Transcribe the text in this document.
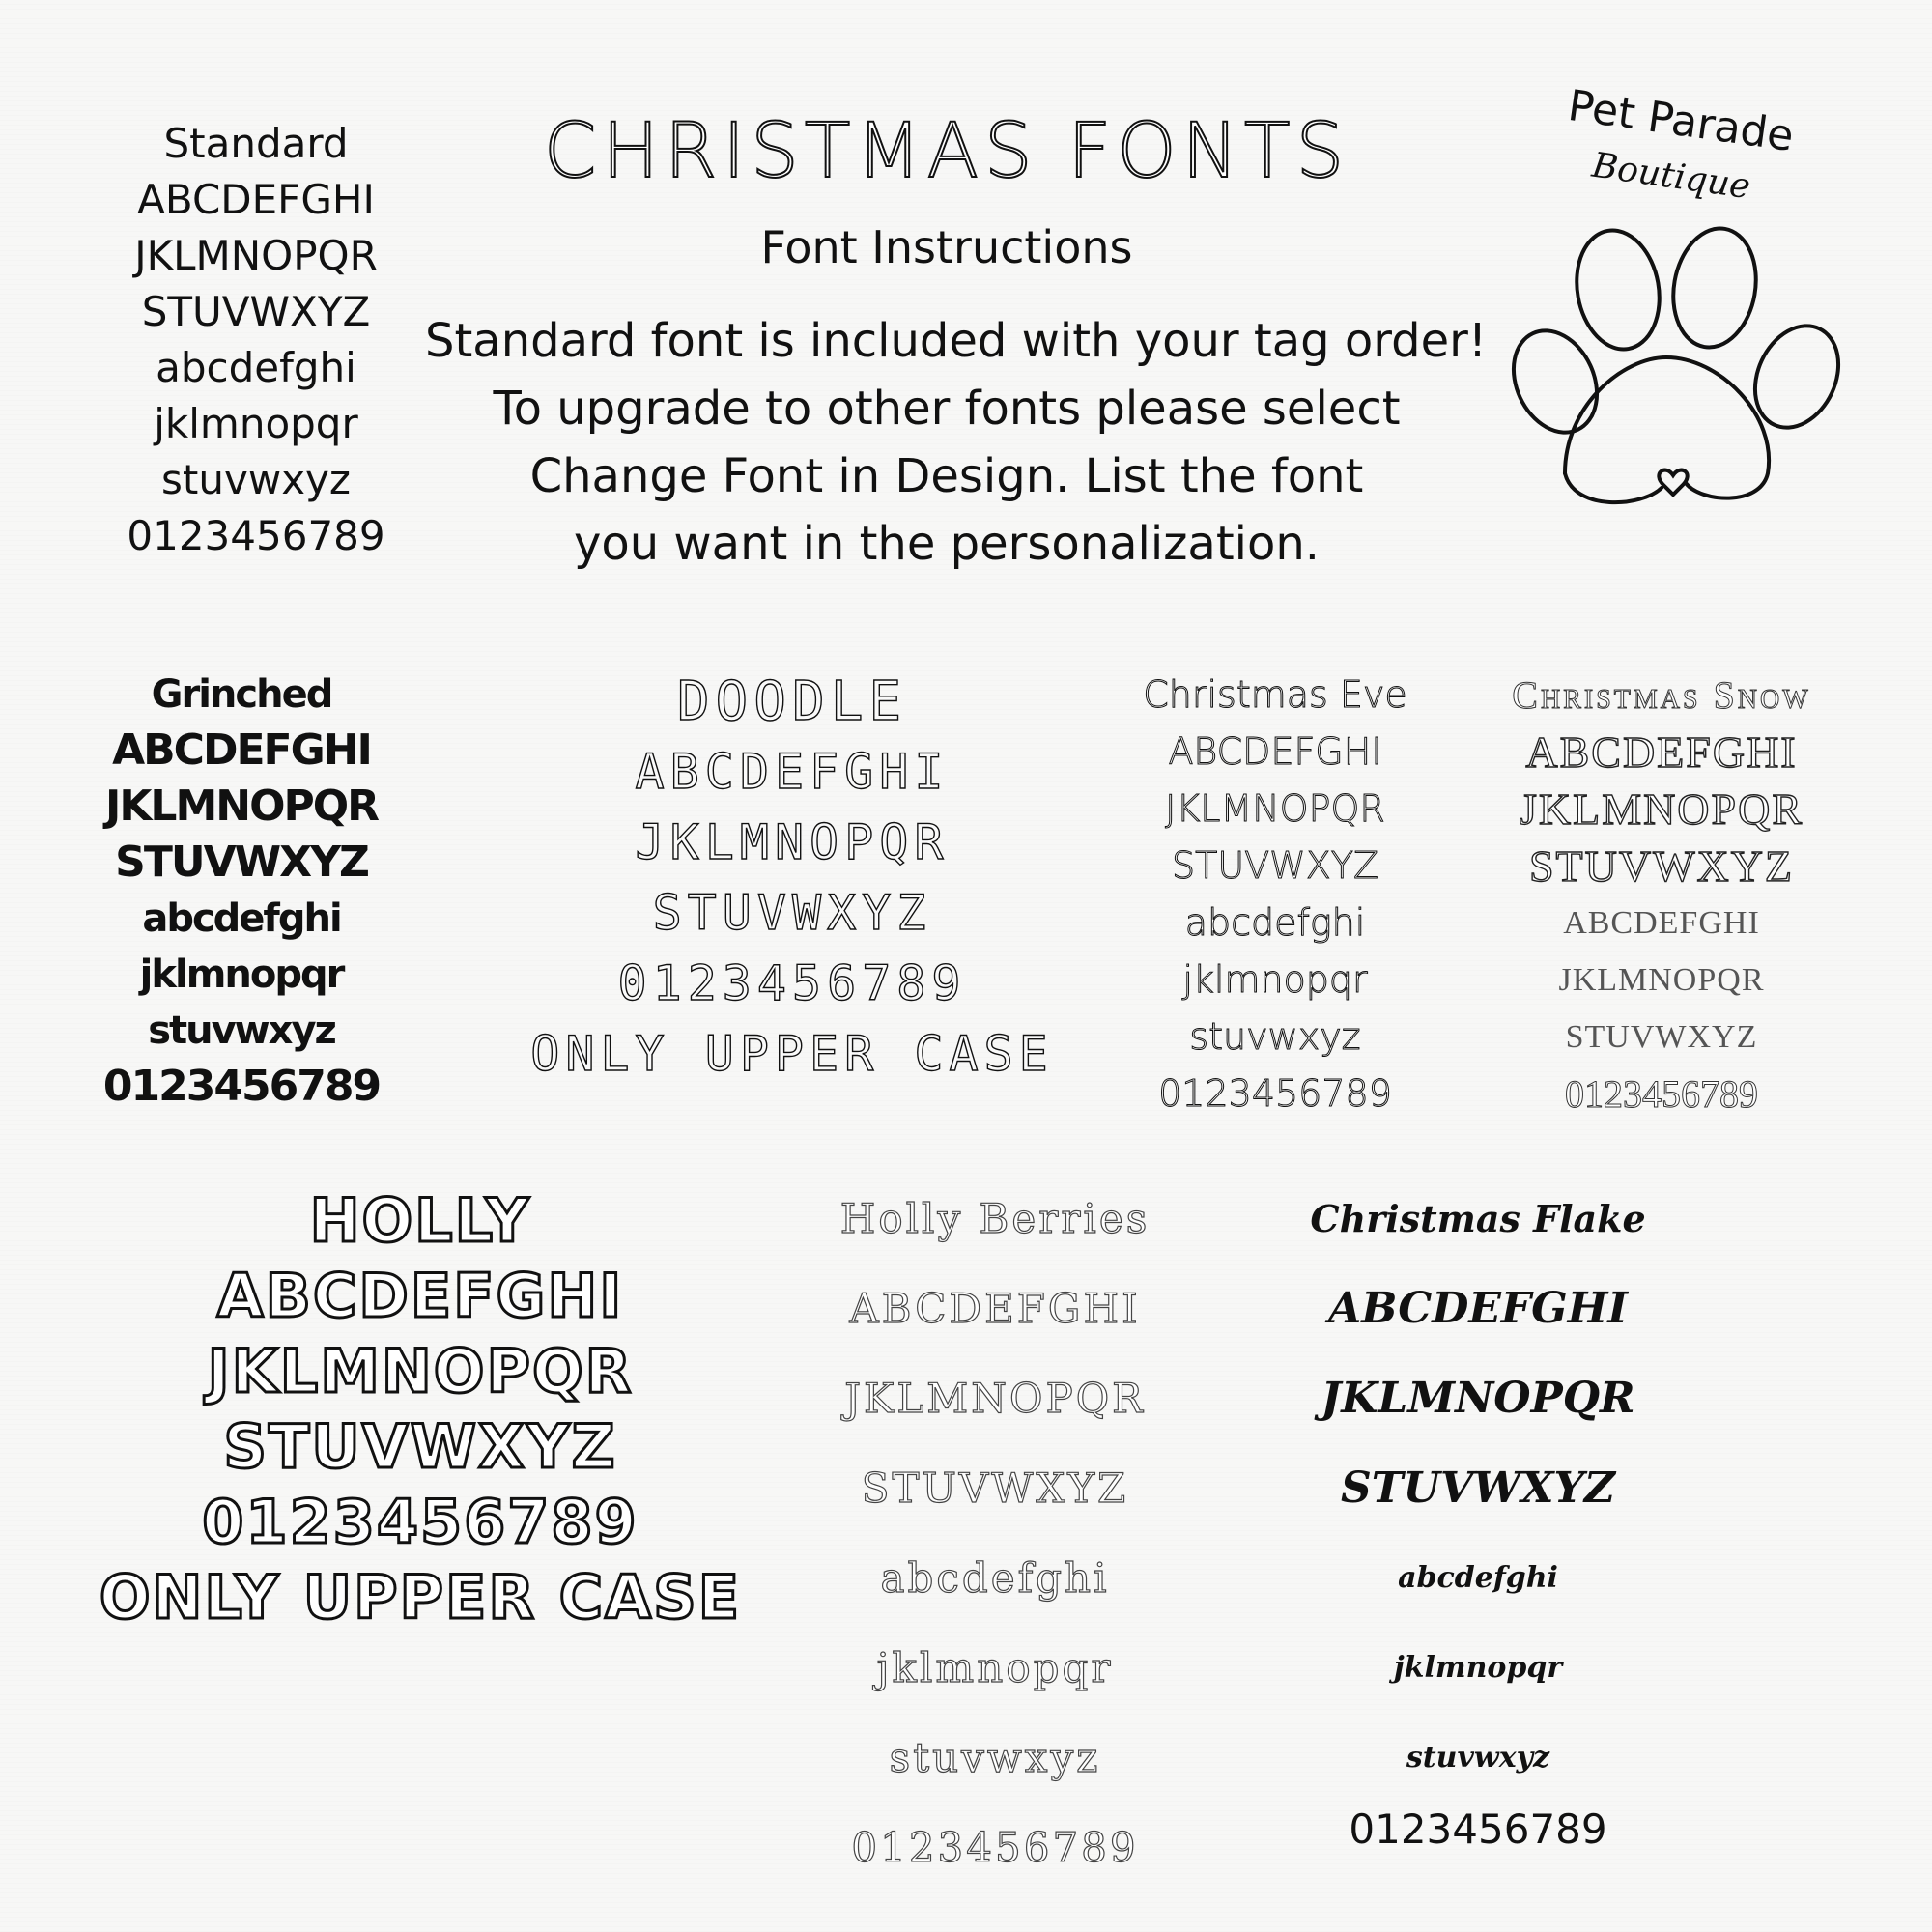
Standard
ABCDEFGHI
JKLMNOPQR
STUVWXYZ
abcdefghi
jklmnopqr
stuvwxyz
0123456789
CHRISTMAS FONTS
Font Instructions
Standard font is included with your tag order!
To upgrade to other fonts please select
Change Font in Design. List the font
you want in the personalization.
Pet Parade
Boutique
Grinched
ABCDEFGHI
JKLMNOPQR
STUVWXYZ
abcdefghi
jklmnopqr
stuvwxyz
0123456789
DOODLE
ABCDEFGHI
JKLMNOPQR
STUVWXYZ
0123456789
ONLY UPPER CASE
Christmas Eve
ABCDEFGHI
JKLMNOPQR
STUVWXYZ
abcdefghi
jklmnopqr
stuvwxyz
0123456789
Christmas Snow
ABCDEFGHI
JKLMNOPQR
STUVWXYZ
ABCDEFGHI
JKLMNOPQR
STUVWXYZ
0123456789
HOLLY
ABCDEFGHI
JKLMNOPQR
STUVWXYZ
0123456789
ONLY UPPER CASE
Holly Berries
ABCDEFGHI
JKLMNOPQR
STUVWXYZ
abcdefghi
jklmnopqr
stuvwxyz
0123456789
Christmas Flake
ABCDEFGHI
JKLMNOPQR
STUVWXYZ
abcdefghi
jklmnopqr
stuvwxyz
0123456789
